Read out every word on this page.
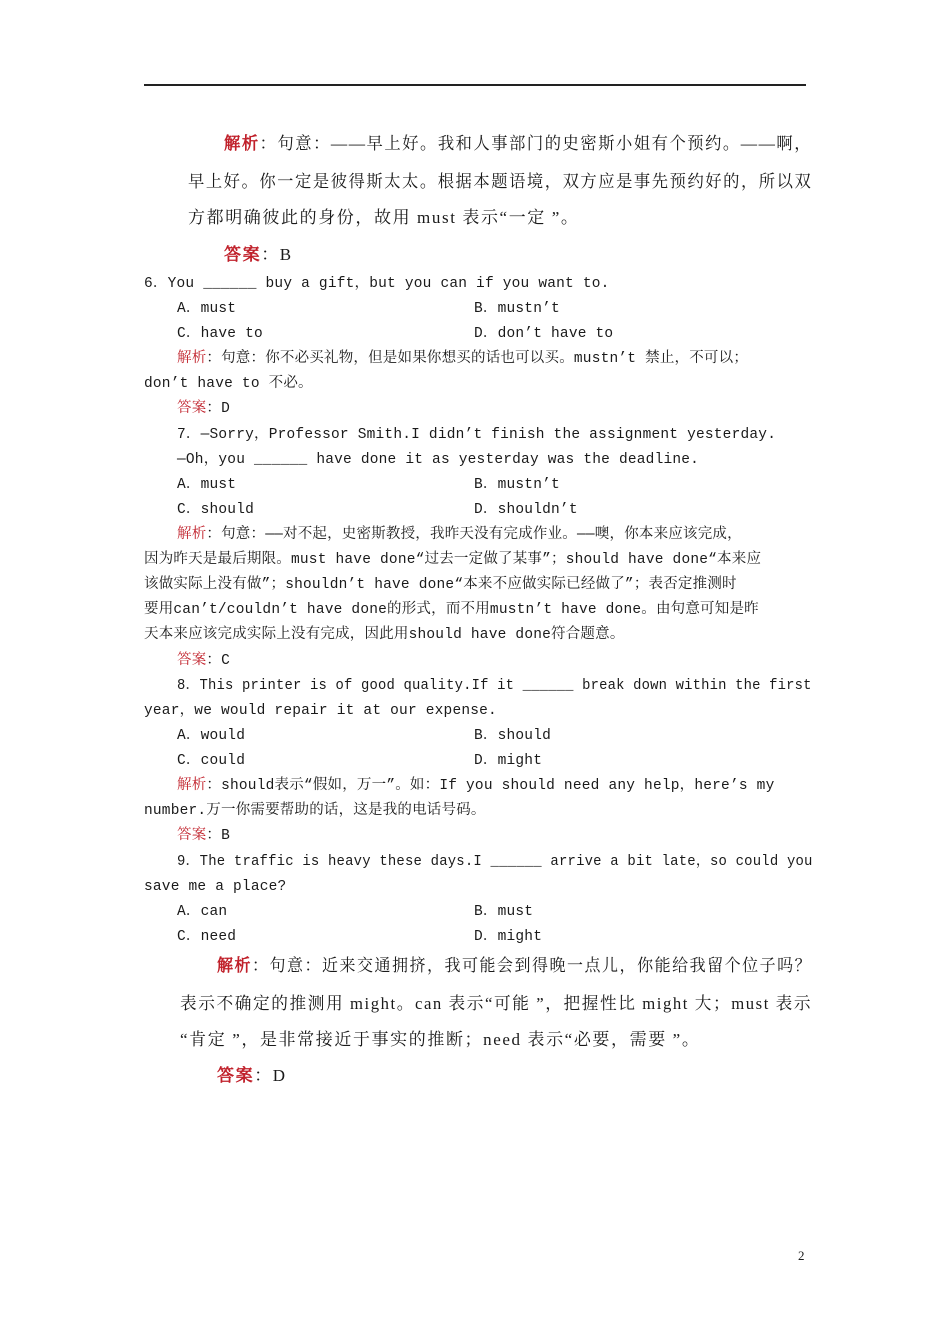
解析：句意：——早上好。我和人事部门的史密斯小姐有个预约。——啊，
早上好。你一定是彼得斯太太。根据本题语境，双方应是事先预约好的，所以双
方都明确彼此的身份，故用 must 表示“一定 ”。
答案：B
6．You ______ buy a gift，but you can if you want to.
A．must	B．mustn’t
C．have to	D．don’t have to
解析：句意：你不必买礼物，但是如果你想买的话也可以买。mustn’t 禁止，不可以；
don’t have to 不必。
答案：D
7．—Sorry，Professor Smith.I didn’t finish the assignment yesterday.
—Oh，you ______ have done it as yesterday was the deadline.
A．must	B．mustn’t
C．should	D．shouldn’t
解析：句意：——对不起，史密斯教授，我昨天没有完成作业。——噢，你本来应该完成，
因为昨天是最后期限。must have done“过去一定做了某事”；should have done“本来应
该做实际上没有做”；shouldn’t have done“本来不应做实际已经做了”；表否定推测时
要用can’t/couldn’t have done的形式，而不用mustn’t have done。由句意可知是昨
天本来应该完成实际上没有完成，因此用should have done符合题意。
答案：C
8．This printer is of good quality.If it ______ break down within the first
year，we would repair it at our expense.
A．would	B．should
C．could	D．might
解析：should表示“假如，万一”。如：If you should need any help，here’s my
number.万一你需要帮助的话，这是我的电话号码。
答案：B
9．The traffic is heavy these days.I ______ arrive a bit late，so could you
save me a place?
A．can	B．must
C．need	D．might
解析：句意：近来交通拥挤，我可能会到得晚一点儿，你能给我留个位子吗？
表示不确定的推测用 might。can 表示“可能 ”，把握性比 might 大；must 表示
“肯定 ”，是非常接近于事实的推断；need 表示“必要，需要 ”。
答案：D
2
